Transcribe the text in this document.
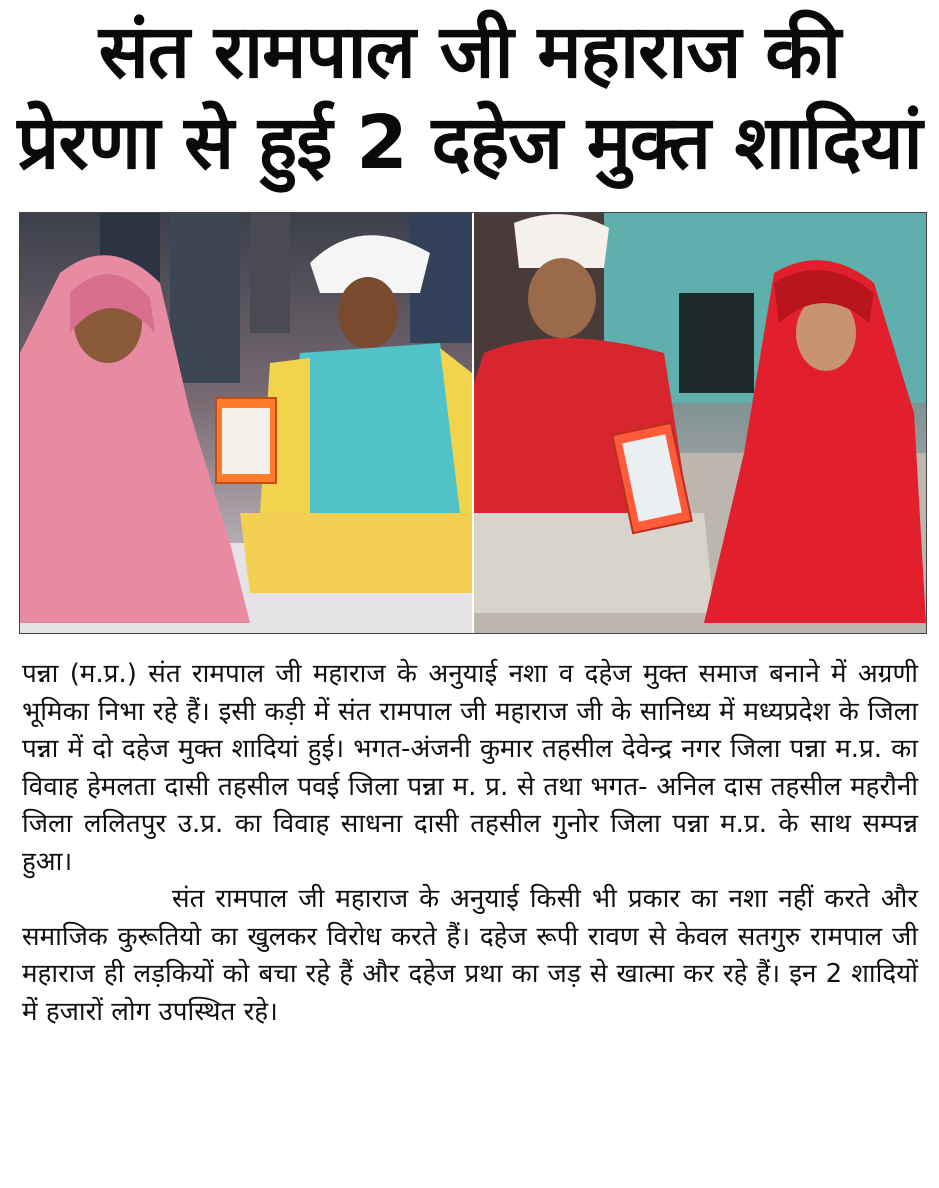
संत रामपाल जी महाराज की
प्रेरणा से हुई 2 दहेज मुक्त शादियां

पन्ना (म.प्र.) संत रामपाल जी महाराज के अनुयाई नशा व दहेज मुक्त समाज बनाने में अग्रणी भूमिका निभा रहे हैं। इसी कड़ी में संत रामपाल जी महाराज जी के सानिध्य में मध्यप्रदेश के जिला पन्ना में दो दहेज मुक्त शादियां हुई। भगत-अंजनी कुमार तहसील देवेन्द्र नगर जिला पन्ना म.प्र. का विवाह हेमलता दासी तहसील पवई जिला पन्ना म. प्र. से तथा भगत- अनिल दास तहसील महरौनी जिला ललितपुर उ.प्र. का विवाह साधना दासी तहसील गुनोर जिला पन्ना म.प्र. के साथ सम्पन्न हुआ।

संत रामपाल जी महाराज के अनुयाई किसी भी प्रकार का नशा नहीं करते और समाजिक कुरूतियो का खुलकर विरोध करते हैं। दहेज रूपी रावण से केवल सतगुरु रामपाल जी महाराज ही लड़कियों को बचा रहे हैं और दहेज प्रथा का जड़ से खात्मा कर रहे हैं। इन 2 शादियों में हजारों लोग उपस्थित रहे।
